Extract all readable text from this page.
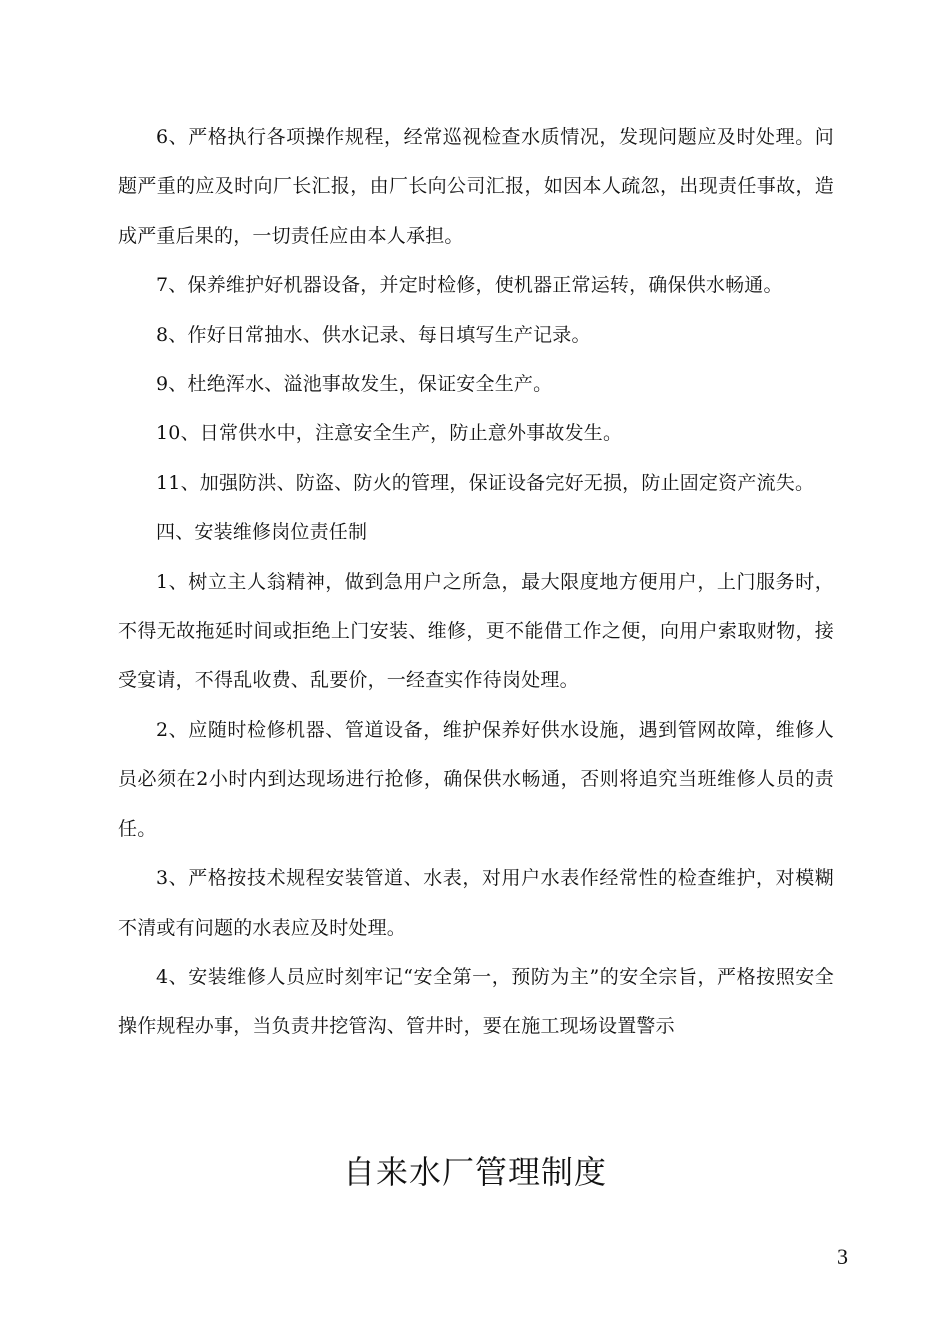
6、严格执行各项操作规程，经常巡视检查水质情况，发现问题应及时处理。问题严重的应及时向厂长汇报，由厂长向公司汇报，如因本人疏忽，出现责任事故，造成严重后果的，一切责任应由本人承担。

7、保养维护好机器设备，并定时检修，使机器正常运转，确保供水畅通。

8、作好日常抽水、供水记录、每日填写生产记录。

9、杜绝浑水、溢池事故发生，保证安全生产。

10、日常供水中，注意安全生产，防止意外事故发生。

11、加强防洪、防盗、防火的管理，保证设备完好无损，防止固定资产流失。

四、安装维修岗位责任制

1、树立主人翁精神，做到急用户之所急，最大限度地方便用户，上门服务时，不得无故拖延时间或拒绝上门安装、维修，更不能借工作之便，向用户索取财物，接受宴请，不得乱收费、乱要价，一经查实作待岗处理。

2、应随时检修机器、管道设备，维护保养好供水设施，遇到管网故障，维修人员必须在2小时内到达现场进行抢修，确保供水畅通，否则将追究当班维修人员的责任。

3、严格按技术规程安装管道、水表，对用户水表作经常性的检查维护，对模糊不清或有问题的水表应及时处理。

4、安装维修人员应时刻牢记“安全第一，预防为主”的安全宗旨，严格按照安全操作规程办事，当负责井挖管沟、管井时，要在施工现场设置警示

自来水厂管理制度
3
